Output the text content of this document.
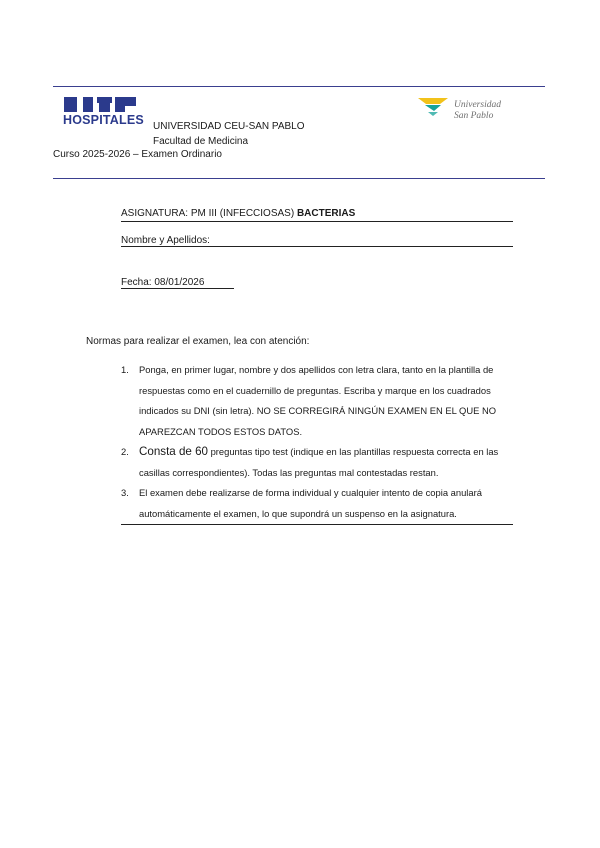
HOSPITALES
Universidad
San Pablo
UNIVERSIDAD CEU-SAN PABLO
Facultad de Medicina
Curso 2025-2026 – Examen Ordinario
ASIGNATURA: PM III (INFECCIOSAS) BACTERIAS
Nombre y Apellidos:
Fecha: 08/01/2026
Normas para realizar el examen, lea con atención:
1. Ponga, en primer lugar, nombre y dos apellidos con letra clara, tanto en la plantilla de respuestas como en el cuadernillo de preguntas. Escriba y marque en los cuadrados indicados su DNI (sin letra). NO SE CORREGIRÁ NINGÚN EXAMEN EN EL QUE NO APAREZCAN TODOS ESTOS DATOS.
2. Consta de 60 preguntas tipo test (indique en las plantillas respuesta correcta en las casillas correspondientes). Todas las preguntas mal contestadas restan.
3. El examen debe realizarse de forma individual y cualquier intento de copia anulará automáticamente el examen, lo que supondrá un suspenso en la asignatura.
